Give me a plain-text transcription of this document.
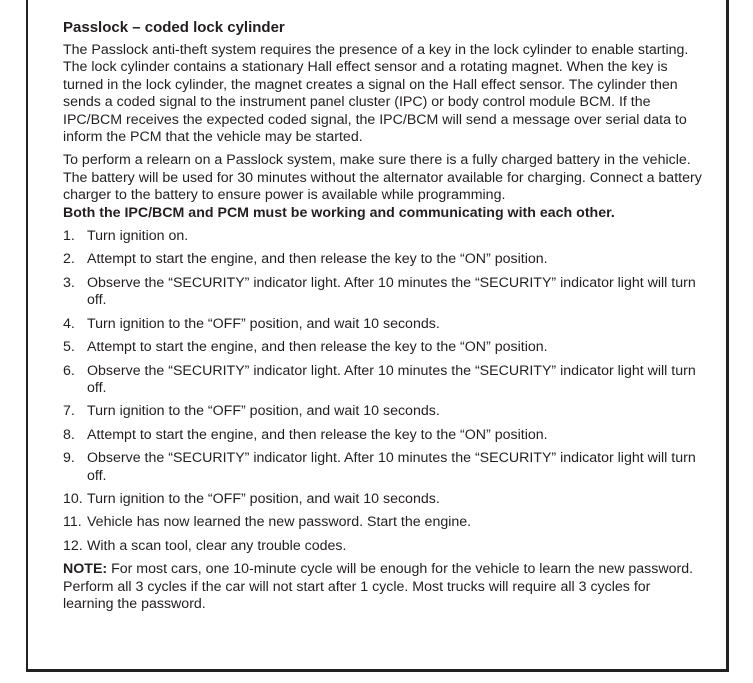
Passlock – coded lock cylinder

The Passlock anti-theft system requires the presence of a key in the lock cylinder to enable starting. The lock cylinder contains a stationary Hall effect sensor and a rotating magnet. When the key is turned in the lock cylinder, the magnet creates a signal on the Hall effect sensor. The cylinder then sends a coded signal to the instrument panel cluster (IPC) or body control module BCM. If the IPC/BCM receives the expected coded signal, the IPC/BCM will send a message over serial data to inform the PCM that the vehicle may be started.

To perform a relearn on a Passlock system, make sure there is a fully charged battery in the vehicle. The battery will be used for 30 minutes without the alternator available for charging. Connect a battery charger to the battery to ensure power is available while programming.
Both the IPC/BCM and PCM must be working and communicating with each other.

1. Turn ignition on.
2. Attempt to start the engine, and then release the key to the “ON” position.
3. Observe the “SECURITY” indicator light. After 10 minutes the “SECURITY” indicator light will turn off.
4. Turn ignition to the “OFF” position, and wait 10 seconds.
5. Attempt to start the engine, and then release the key to the “ON” position.
6. Observe the “SECURITY” indicator light. After 10 minutes the “SECURITY” indicator light will turn off.
7. Turn ignition to the “OFF” position, and wait 10 seconds.
8. Attempt to start the engine, and then release the key to the “ON” position.
9. Observe the “SECURITY” indicator light. After 10 minutes the “SECURITY” indicator light will turn off.
10. Turn ignition to the “OFF” position, and wait 10 seconds.
11. Vehicle has now learned the new password. Start the engine.
12. With a scan tool, clear any trouble codes.

NOTE: For most cars, one 10-minute cycle will be enough for the vehicle to learn the new password. Perform all 3 cycles if the car will not start after 1 cycle. Most trucks will require all 3 cycles for learning the password.
